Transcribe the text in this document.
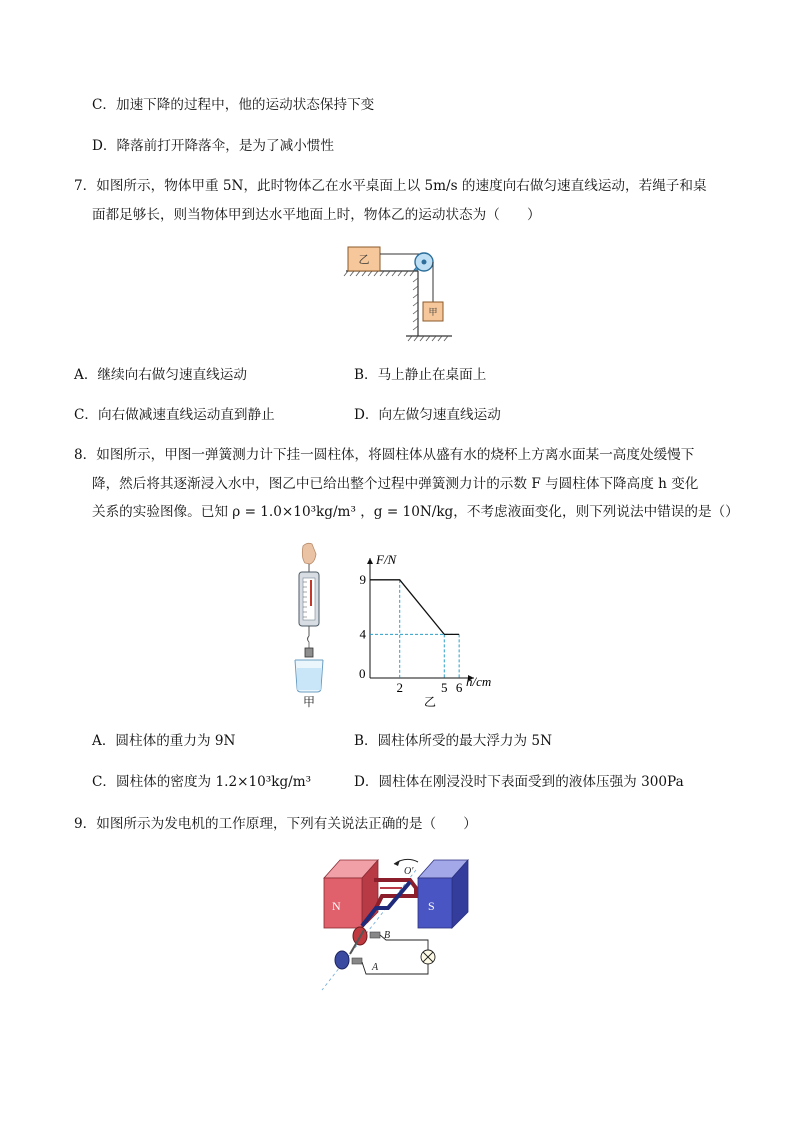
C．加速下降的过程中，他的运动状态保持下变
D．降落前打开降落伞，是为了减小惯性
7．如图所示，物体甲重 5N，此时物体乙在水平桌面上以 5m/s 的速度向右做匀速直线运动，若绳子和桌
面都足够长，则当物体甲到达水平地面上时，物体乙的运动状态为（　　）
乙
甲
A．继续向右做匀速直线运动	B．马上静止在桌面上
C．向右做减速直线运动直到静止	D．向左做匀速直线运动
8．如图所示，甲图一弹簧测力计下挂一圆柱体，将圆柱体从盛有水的烧杯上方离水面某一高度处缓慢下
降，然后将其逐渐浸入水中，图乙中已给出整个过程中弹簧测力计的示数 F 与圆柱体下降高度 h 变化
关系的实验图像。已知 ρ = 1.0×10³kg/m³ ，g = 10N/kg，不考虑液面变化，则下列说法中错误的是（）
甲
F/N
h/cm
0
2	5 6
9
4
乙
A．圆柱体的重力为 9N	B．圆柱体所受的最大浮力为 5N
C．圆柱体的密度为 1.2×10³kg/m³	D．圆柱体在刚浸没时下表面受到的液体压强为 300Pa
9．如图所示为发电机的工作原理，下列有关说法正确的是（　　）
N	S
O′
B
A
